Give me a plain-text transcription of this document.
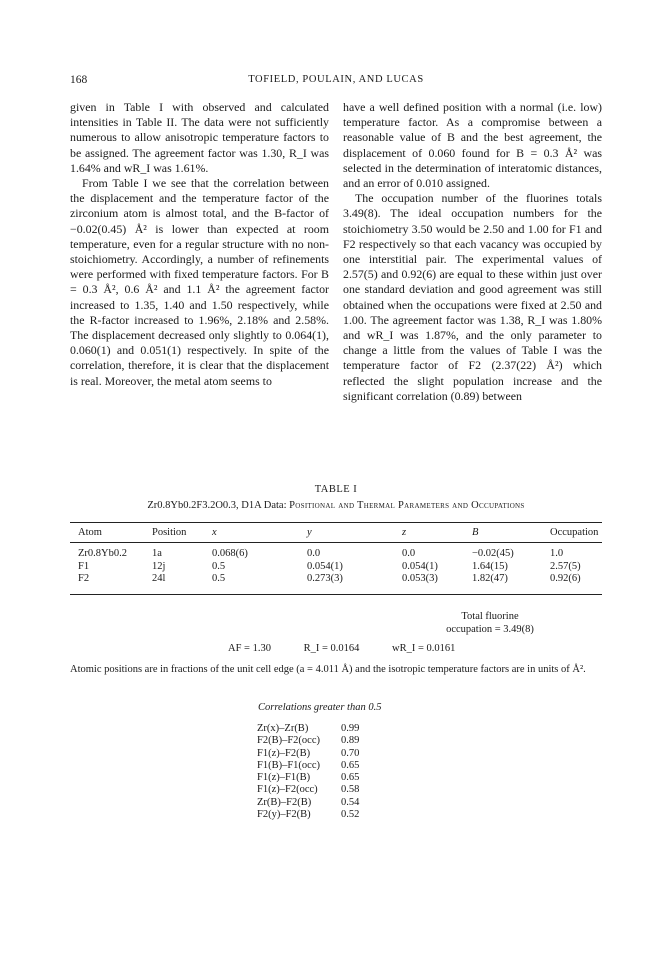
168	TOFIELD, POULAIN, AND LUCAS

given in Table I with observed and calculated intensities in Table II. The data were not sufficiently numerous to allow anisotropic temperature factors to be assigned. The agreement factor was 1.30, R_I was 1.64% and wR_I was 1.61%.

From Table I we see that the correlation between the displacement and the temperature factor of the zirconium atom is almost total, and the B-factor of −0.02(0.45) Å² is lower than expected at room temperature, even for a regular structure with no non-stoichiometry. Accordingly, a number of refinements were performed with fixed temperature factors. For B = 0.3 Å², 0.6 Å² and 1.1 Å² the agreement factor increased to 1.35, 1.40 and 1.50 respectively, while the R-factor increased to 1.96%, 2.18% and 2.58%. The displacement decreased only slightly to 0.064(1), 0.060(1) and 0.051(1) respectively. In spite of the correlation, therefore, it is clear that the displacement is real. Moreover, the metal atom seems to

have a well defined position with a normal (i.e. low) temperature factor. As a compromise between a reasonable value of B and the best agreement, the displacement of 0.060 found for B = 0.3 Å² was selected in the determination of interatomic distances, and an error of 0.010 assigned.

The occupation number of the fluorines totals 3.49(8). The ideal occupation numbers for the stoichiometry 3.50 would be 2.50 and 1.00 for F1 and F2 respectively so that each vacancy was occupied by one interstitial pair. The experimental values of 2.57(5) and 0.92(6) are equal to these within just over one standard deviation and good agreement was still obtained when the occupations were fixed at 2.50 and 1.00. The agreement factor was 1.38, R_I was 1.80% and wR_I was 1.87%, and the only parameter to change a little from the values of Table I was the temperature factor of F2 (2.37(22) Å²) which reflected the slight population increase and the significant correlation (0.89) between

TABLE I
Zr0.8Yb0.2F3.2O0.3, D1A Data: Positional and Thermal Parameters and Occupations
Atom	Position	x	y	z	B	Occupation
Zr0.8Yb0.2	1a	0.068(6)	0.0	0.0	−0.02(45)	1.0
F1	12j	0.5	0.054(1)	0.054(1)	1.64(15)	2.57(5)
F2	24l	0.5	0.273(3)	0.053(3)	1.82(47)	0.92(6)
Total fluorine
occupation = 3.49(8)
AF = 1.30	R_I = 0.0164	wR_I = 0.0161
Atomic positions are in fractions of the unit cell edge (a = 4.011 Å) and the isotropic temperature factors are in units of Å².
Correlations greater than 0.5
Zr(x)–Zr(B)	0.99
F2(B)–F2(occ) 0.89
F1(z)–F2(B)	0.70
F1(B)–F1(occ) 0.65
F1(z)–F1(B)	0.65
F1(z)–F2(occ) 0.58
Zr(B)–F2(B)	0.54
F2(y)–F2(B)	0.52
